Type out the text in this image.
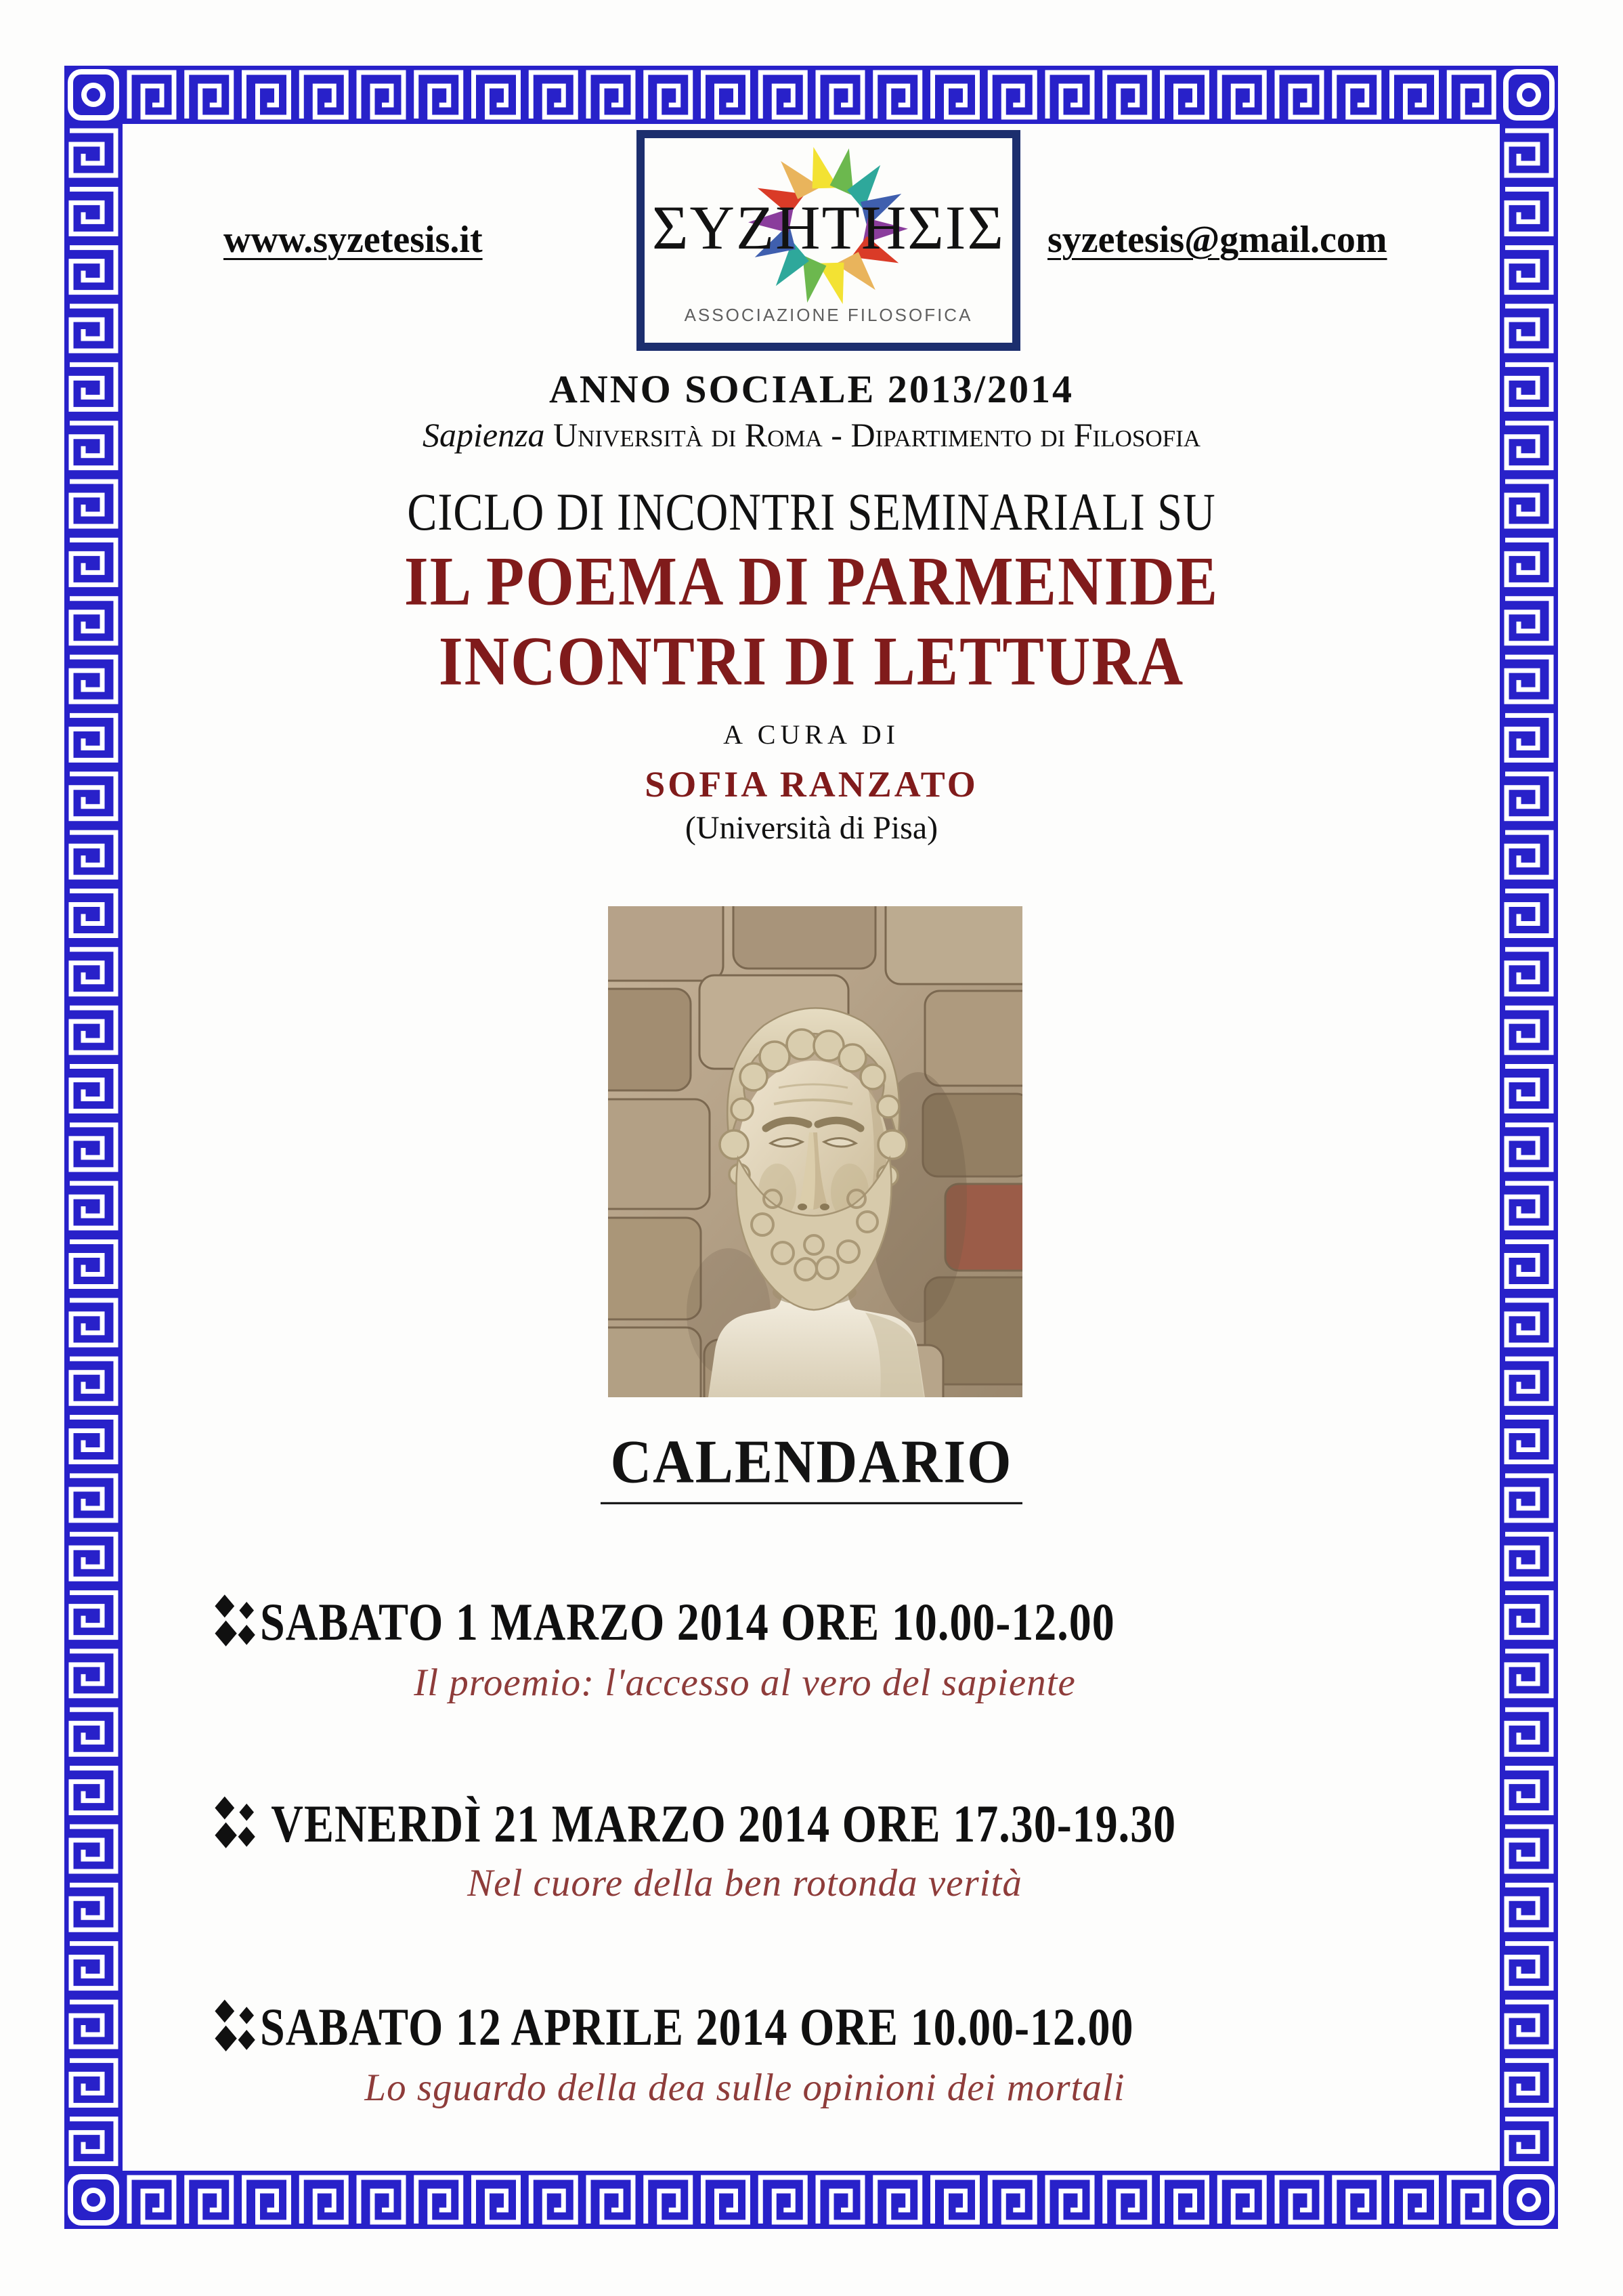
www.syzetesis.it	ΣΥΖΗΤΗΣΙΣ
ASSOCIAZIONE FILOSOFICA
syzetesis@gmail.com
ANNO SOCIALE 2013/2014
Sapienza Università di Roma - Dipartimento di Filosofia
CICLO DI INCONTRI SEMINARIALI SU
IL POEMA DI PARMENIDE
INCONTRI DI LETTURA
A CURA DI
SOFIA RANZATO
(Università di Pisa)
CALENDARIO
SABATO 1 MARZO 2014 ORE 10.00-12.00
Il proemio: l'accesso al vero del sapiente
VENERDÌ 21 MARZO 2014 ORE 17.30-19.30
Nel cuore della ben rotonda verità
SABATO 12 APRILE 2014 ORE 10.00-12.00
Lo sguardo della dea sulle opinioni dei mortali
